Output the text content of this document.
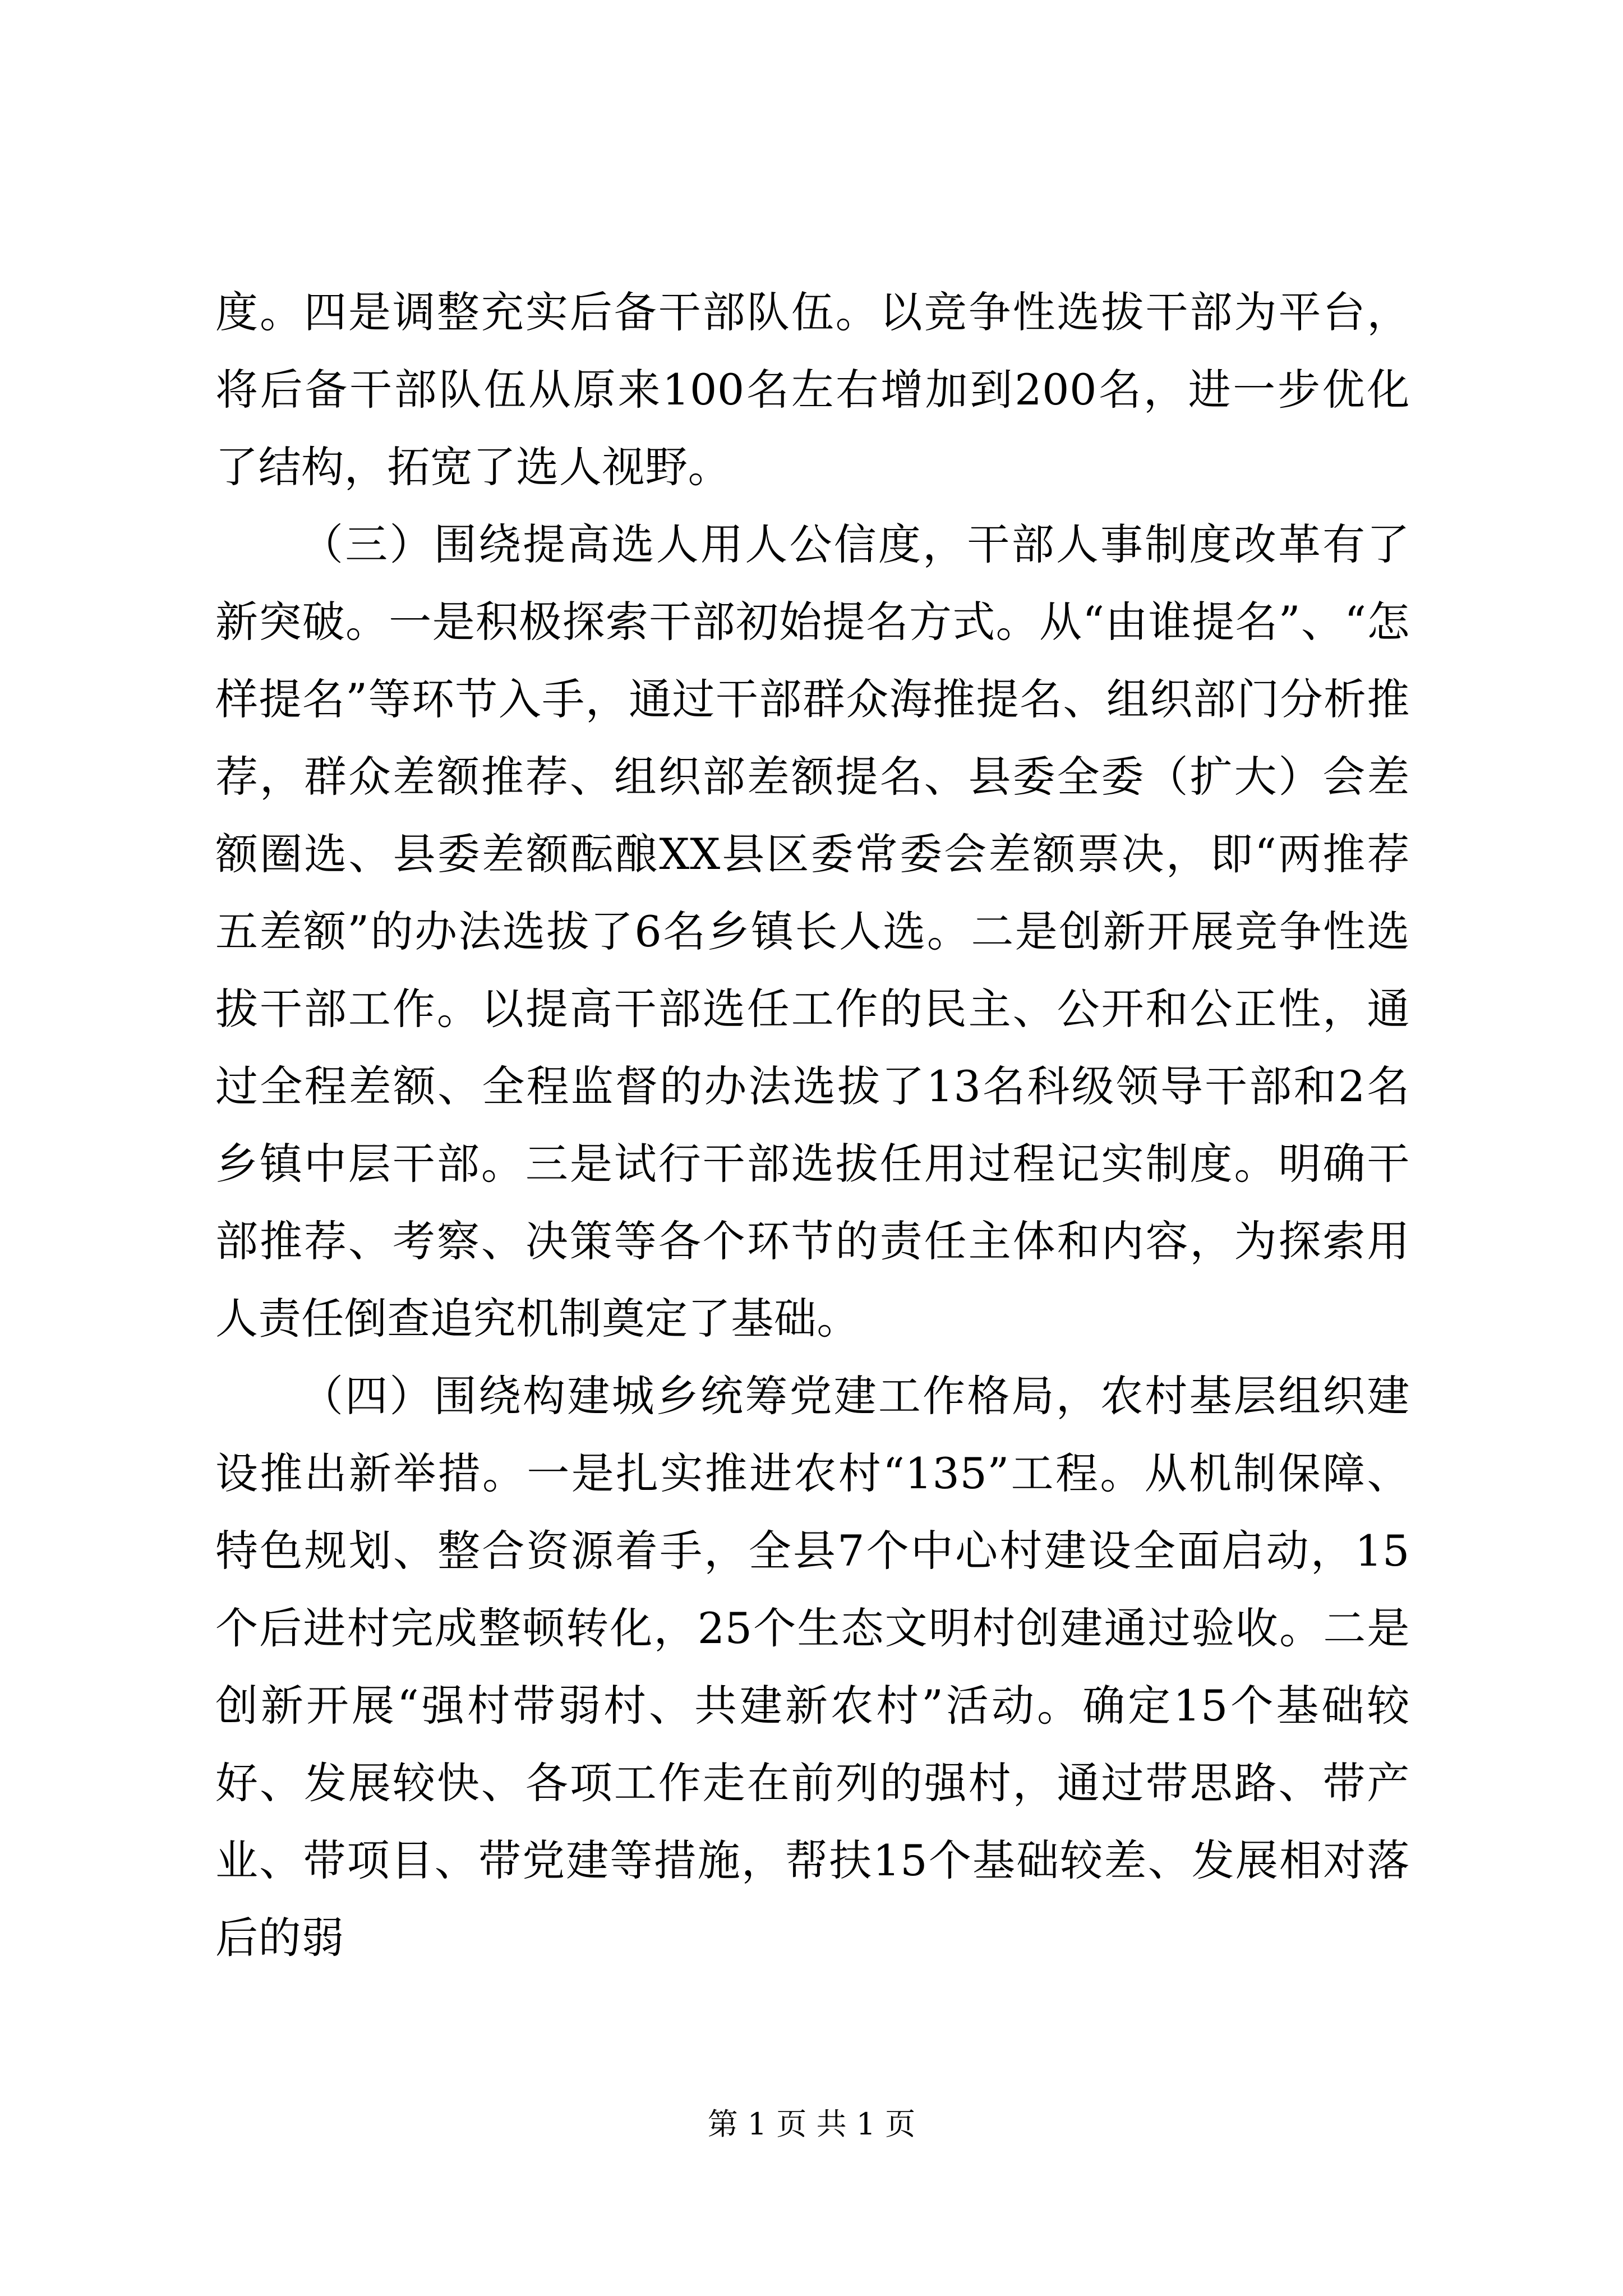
度。四是调整充实后备干部队伍。以竞争性选拔干部为平台，将后备干部队伍从原来100名左右增加到200名，进一步优化了结构，拓宽了选人视野。

（三）围绕提高选人用人公信度，干部人事制度改革有了新突破。一是积极探索干部初始提名方式。从“由谁提名”、“怎样提名”等环节入手，通过干部群众海推提名、组织部门分析推荐，群众差额推荐、组织部差额提名、县委全委（扩大）会差额圈选、县委差额酝酿XX县区委常委会差额票决，即“两推荐五差额”的办法选拔了6名乡镇长人选。二是创新开展竞争性选拔干部工作。以提高干部选任工作的民主、公开和公正性，通过全程差额、全程监督的办法选拔了13名科级领导干部和2名乡镇中层干部。三是试行干部选拔任用过程记实制度。明确干部推荐、考察、决策等各个环节的责任主体和内容，为探索用人责任倒查追究机制奠定了基础。

（四）围绕构建城乡统筹党建工作格局，农村基层组织建设推出新举措。一是扎实推进农村“135”工程。从机制保障、特色规划、整合资源着手，全县7个中心村建设全面启动，15个后进村完成整顿转化，25个生态文明村创建通过验收。二是创新开展“强村带弱村、共建新农村”活动。确定15个基础较好、发展较快、各项工作走在前列的强村，通过带思路、带产业、带项目、带党建等措施，帮扶15个基础较差、发展相对落后的弱

第 1 页 共 1 页
